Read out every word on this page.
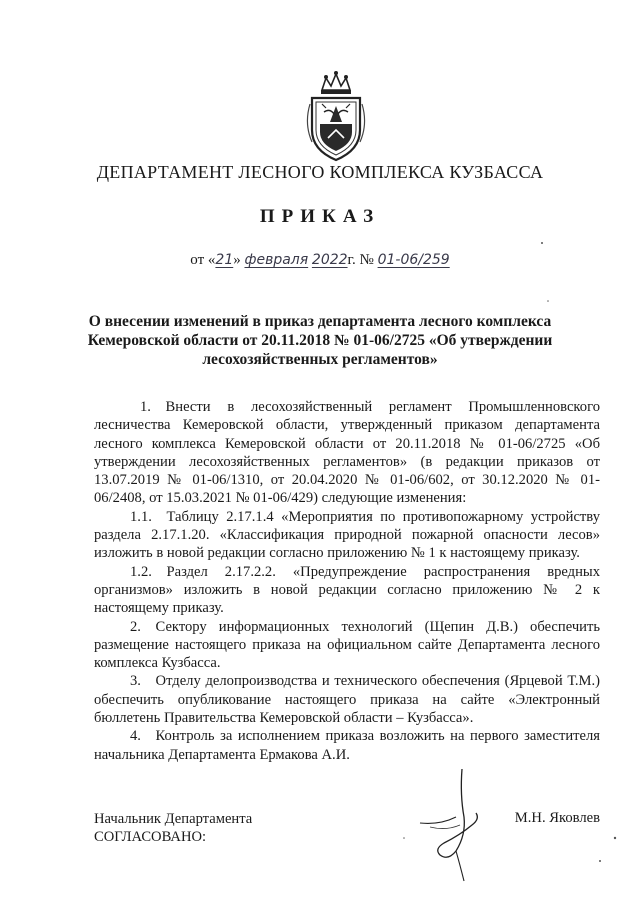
ДЕПАРТАМЕНТ ЛЕСНОГО КОМПЛЕКСА КУЗБАССА
ПРИКАЗ
от «21» февраля 2022г. № 01-06/259
О внесении изменений в приказ департамента лесного комплекса Кемеровской области от 20.11.2018 № 01-06/2725 «Об утверждении лесохозяйственных регламентов»

1. Внести в лесохозяйственный регламент Промышленновского лесничества Кемеровской области, утвержденный приказом департамента лесного комплекса Кемеровской области от 20.11.2018 № 01-06/2725 «Об утверждении лесохозяйственных регламентов» (в редакции приказов от 13.07.2019 № 01-06/1310, от 20.04.2020 № 01-06/602, от 30.12.2020 № 01-06/2408, от 15.03.2021 № 01-06/429) следующие изменения:

1.1. Таблицу 2.17.1.4 «Мероприятия по противопожарному устройству раздела 2.17.1.20. «Классификация природной пожарной опасности лесов» изложить в новой редакции согласно приложению № 1 к настоящему приказу.

1.2. Раздел 2.17.2.2. «Предупреждение распространения вредных организмов» изложить в новой редакции согласно приложению № 2 к настоящему приказу.

2. Сектору информационных технологий (Щепин Д.В.) обеспечить размещение настоящего приказа на официальном сайте Департамента лесного комплекса Кузбасса.

3. Отделу делопроизводства и технического обеспечения (Ярцевой Т.М.) обеспечить опубликование настоящего приказа на сайте «Электронный бюллетень Правительства Кемеровской области – Кузбасса».

4. Контроль за исполнением приказа возложить на первого заместителя начальника Департамента Ермакова А.И.

Начальник Департамента
СОГЛАСОВАНО:
М.Н. Яковлев
